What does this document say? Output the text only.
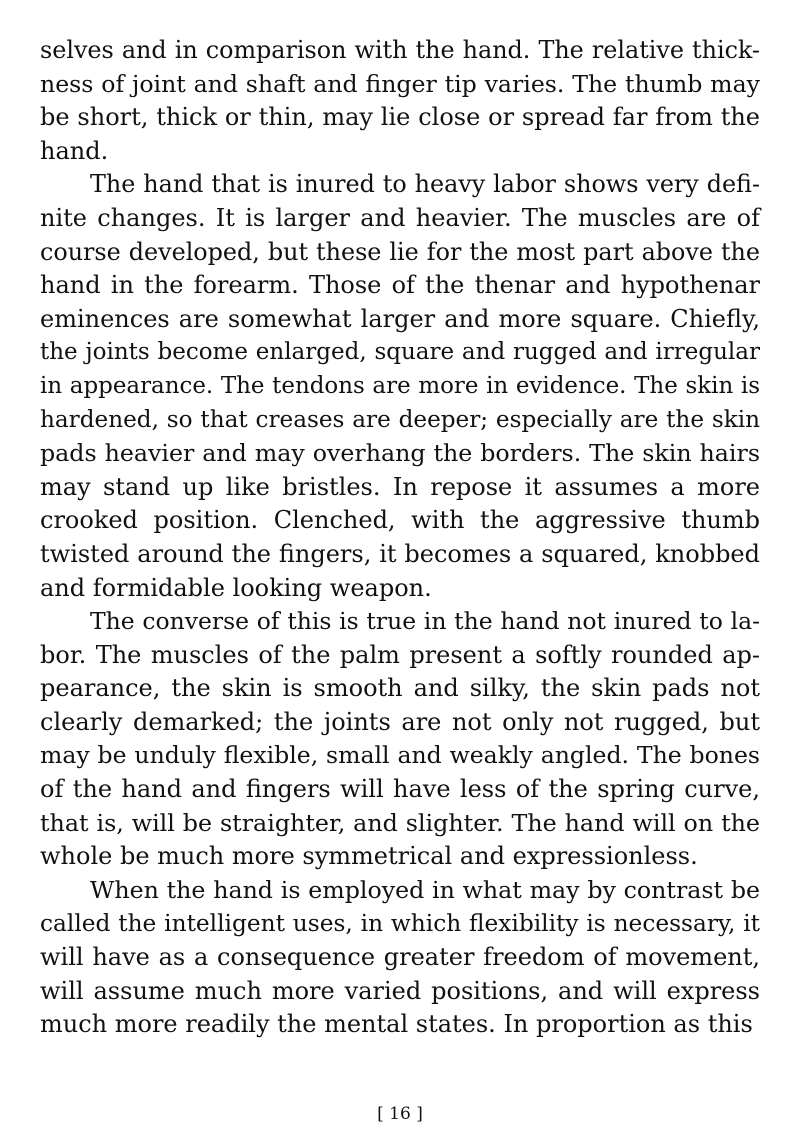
selves and in comparison with the hand. The relative thick-
ness of joint and shaft and finger tip varies. The thumb may
be short, thick or thin, may lie close or spread far from the
hand.
The hand that is inured to heavy labor shows very defi-
nite changes. It is larger and heavier. The muscles are of
course developed, but these lie for the most part above the
hand in the forearm. Those of the thenar and hypothenar
eminences are somewhat larger and more square. Chiefly,
the joints become enlarged, square and rugged and irregular
in appearance. The tendons are more in evidence. The skin is
hardened, so that creases are deeper; especially are the skin
pads heavier and may overhang the borders. The skin hairs
may stand up like bristles. In repose it assumes a more
crooked position. Clenched, with the aggressive thumb
twisted around the fingers, it becomes a squared, knobbed
and formidable looking weapon.
The converse of this is true in the hand not inured to la-
bor. The muscles of the palm present a softly rounded ap-
pearance, the skin is smooth and silky, the skin pads not
clearly demarked; the joints are not only not rugged, but
may be unduly flexible, small and weakly angled. The bones
of the hand and fingers will have less of the spring curve,
that is, will be straighter, and slighter. The hand will on the
whole be much more symmetrical and expressionless.
When the hand is employed in what may by contrast be
called the intelligent uses, in which flexibility is necessary, it
will have as a consequence greater freedom of movement,
will assume much more varied positions, and will express
much more readily the mental states. In proportion as this
[ 16 ]
